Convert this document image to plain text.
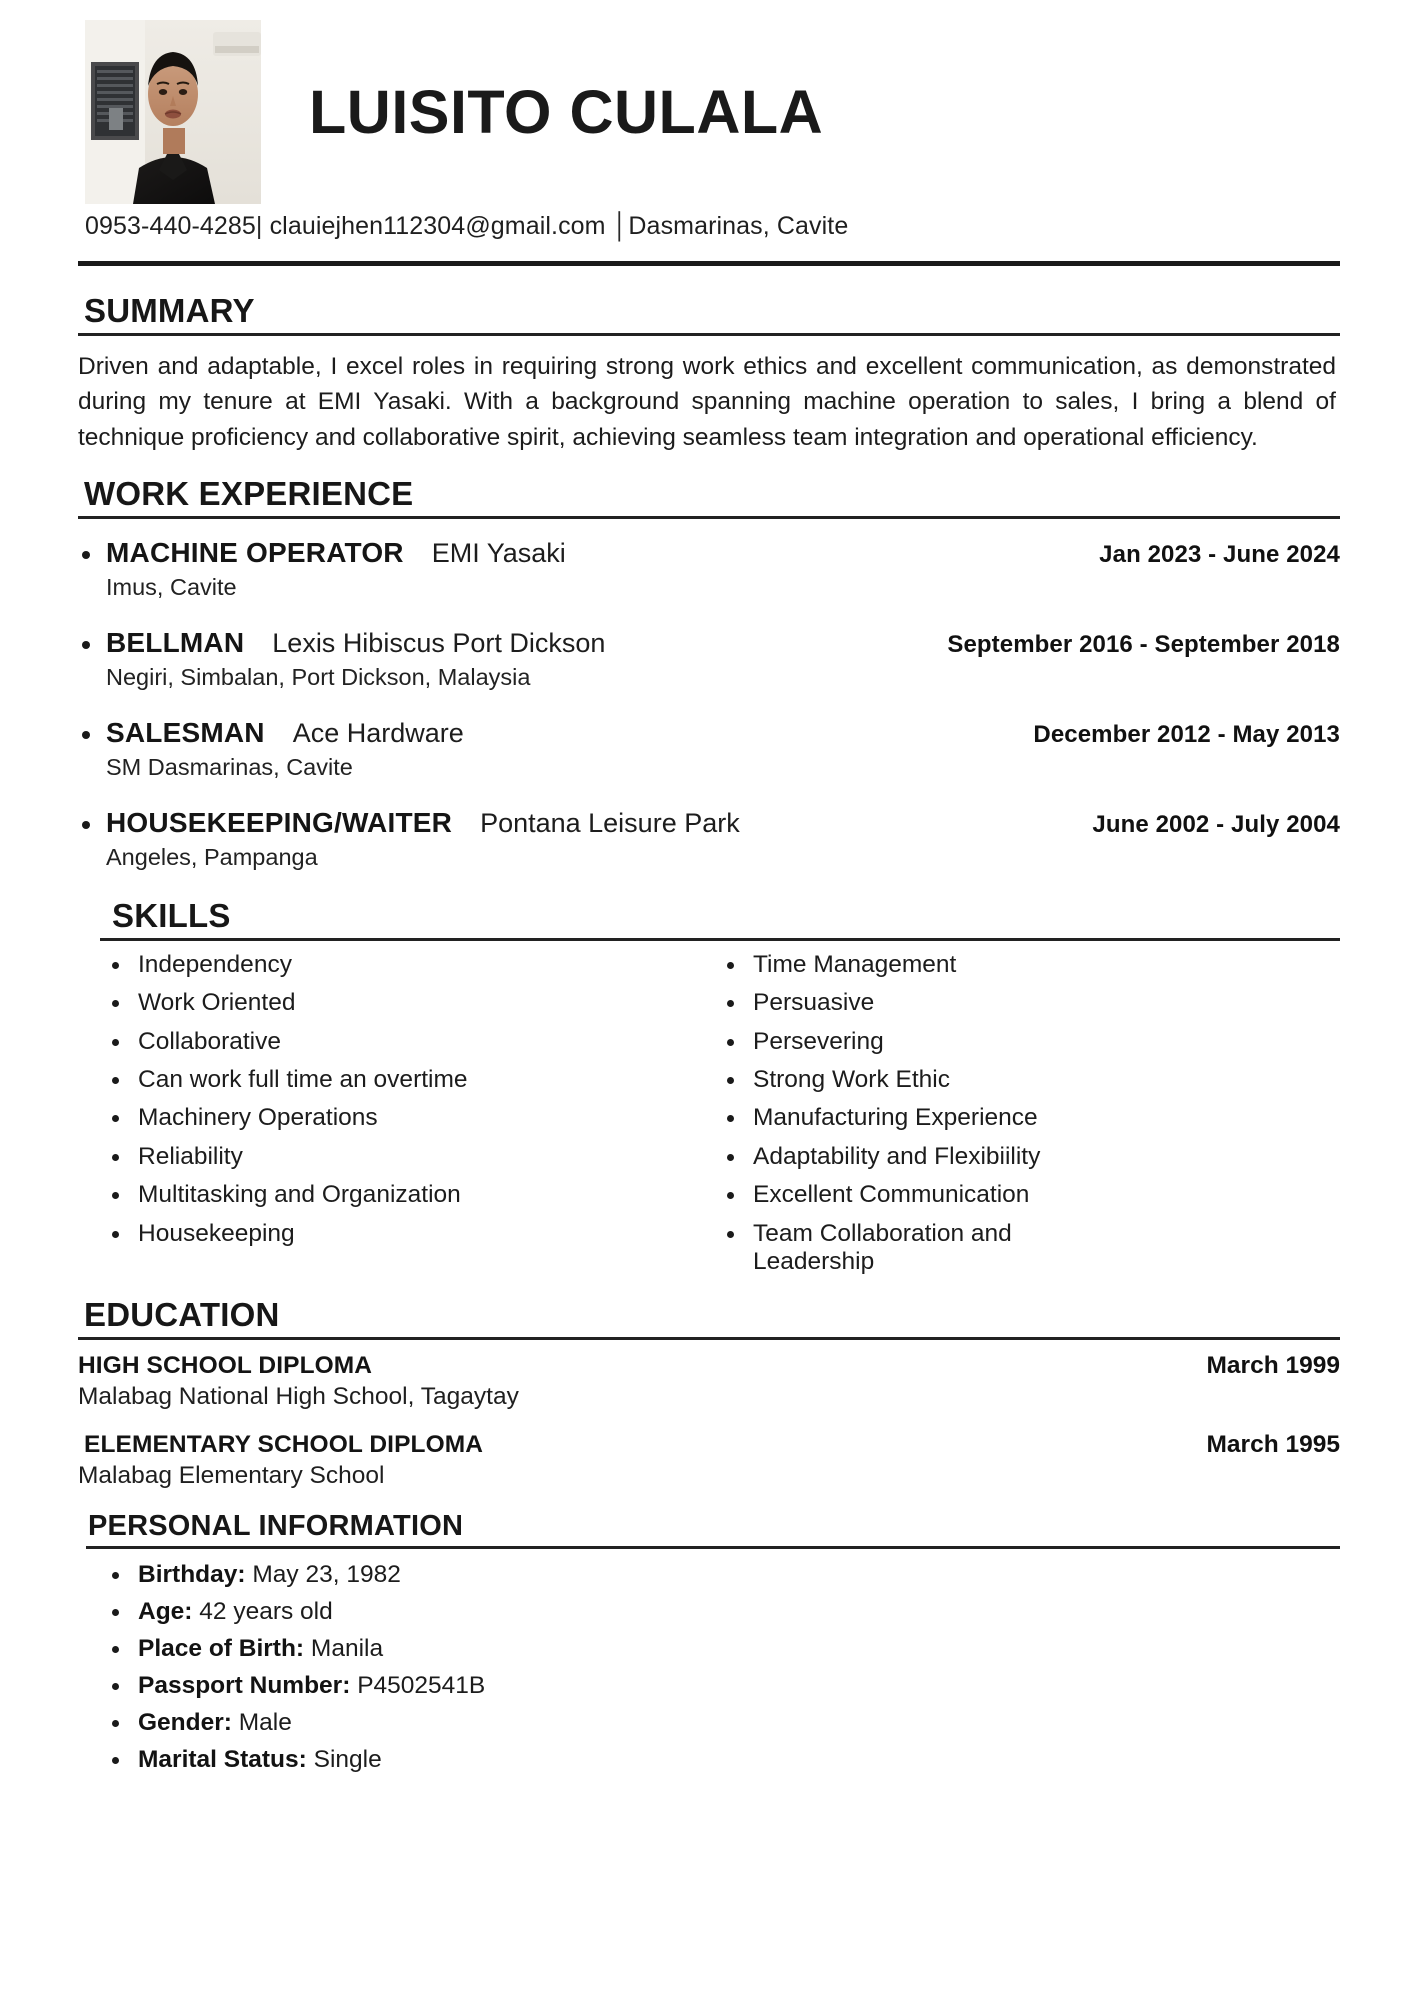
LUISITO CULALA
0953-440-4285| clauiejhen112304@gmail.com │Dasmarinas, Cavite
SUMMARY

Driven and adaptable, I excel roles in requiring strong work ethics and excellent communication, as demonstrated during my tenure at EMI Yasaki. With a background spanning machine operation to sales, I bring a blend of technique proficiency and collaborative spirit, achieving seamless team integration and operational efficiency.

WORK EXPERIENCE
MACHINE OPERATOR EMI Yasaki	Jan 2023 - June 2024
Imus, Cavite
BELLMAN Lexis Hibiscus Port Dickson	September 2016 - September 2018
Negiri, Simbalan, Port Dickson, Malaysia
SALESMAN Ace Hardware	December 2012 - May 2013
SM Dasmarinas, Cavite
HOUSEKEEPING/WAITER Pontana Leisure Park	June 2002 - July 2004
Angeles, Pampanga
SKILLS
Independency
Work Oriented
Collaborative
Can work full time an overtime
Machinery Operations
Reliability
Multitasking and Organization
Housekeeping
Time Management
Persuasive
Persevering
Strong Work Ethic
Manufacturing Experience
Adaptability and Flexibiility
Excellent Communication
Team Collaboration and Leadership
EDUCATION
HIGH SCHOOL DIPLOMA	March 1999
Malabag National High School, Tagaytay
ELEMENTARY SCHOOL DIPLOMA	March 1995
Malabag Elementary School
PERSONAL INFORMATION
Birthday: May 23, 1982
Age: 42 years old
Place of Birth: Manila
Passport Number: P4502541B
Gender: Male
Marital Status: Single
